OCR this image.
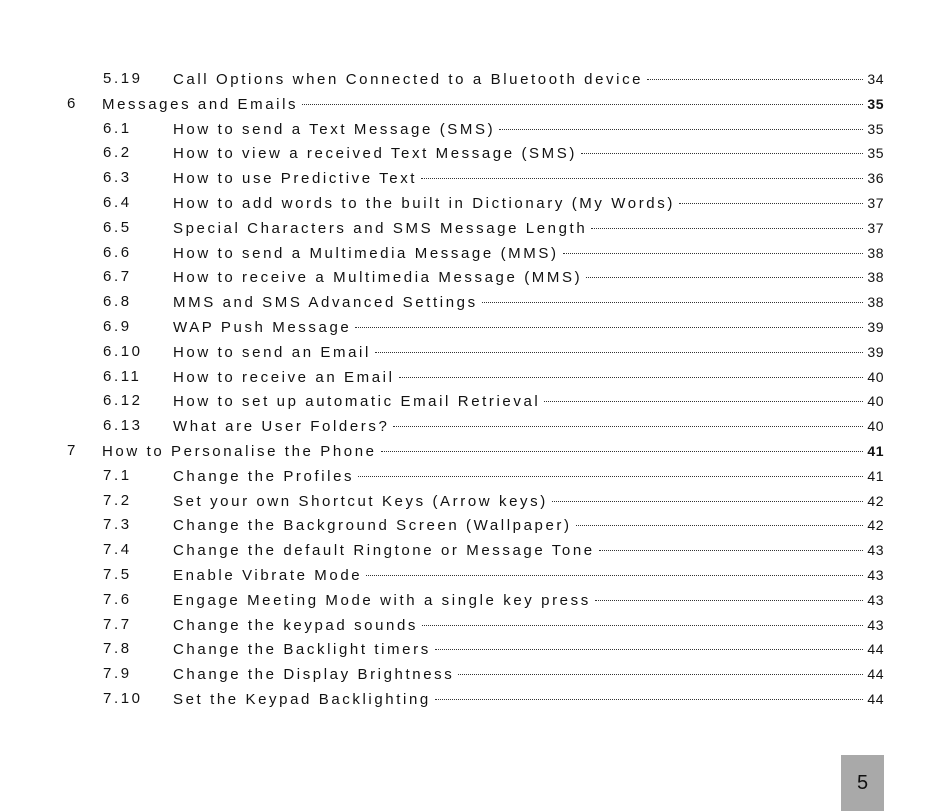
5.19 Call Options when Connected to a Bluetooth device	34
6 Messages and Emails	35
6.1	How to send a Text Message (SMS)	35
6.2	How to view a received Text Message (SMS)	35
6.3	How to use Predictive Text	36
6.4	How to add words to the built in Dictionary (My Words)	37
6.5	Special Characters and SMS Message Length	37
6.6	How to send a Multimedia Message (MMS)	38
6.7	How to receive a Multimedia Message (MMS)	38
6.8	MMS and SMS Advanced Settings	38
6.9	WAP Push Message	39
6.10 How to send an Email	39
6.11 How to receive an Email	40
6.12 How to set up automatic Email Retrieval	40
6.13 What are User Folders?	40
7 How to Personalise the Phone	41
7.1	Change the Profiles	41
7.2	Set your own Shortcut Keys (Arrow keys)	42
7.3	Change the Background Screen (Wallpaper)	42
7.4	Change the default Ringtone or Message Tone	43
7.5	Enable Vibrate Mode	43
7.6	Engage Meeting Mode with a single key press	43
7.7	Change the keypad sounds	43
7.8	Change the Backlight timers	44
7.9	Change the Display Brightness	44
7.10 Set the Keypad Backlighting	44
5
